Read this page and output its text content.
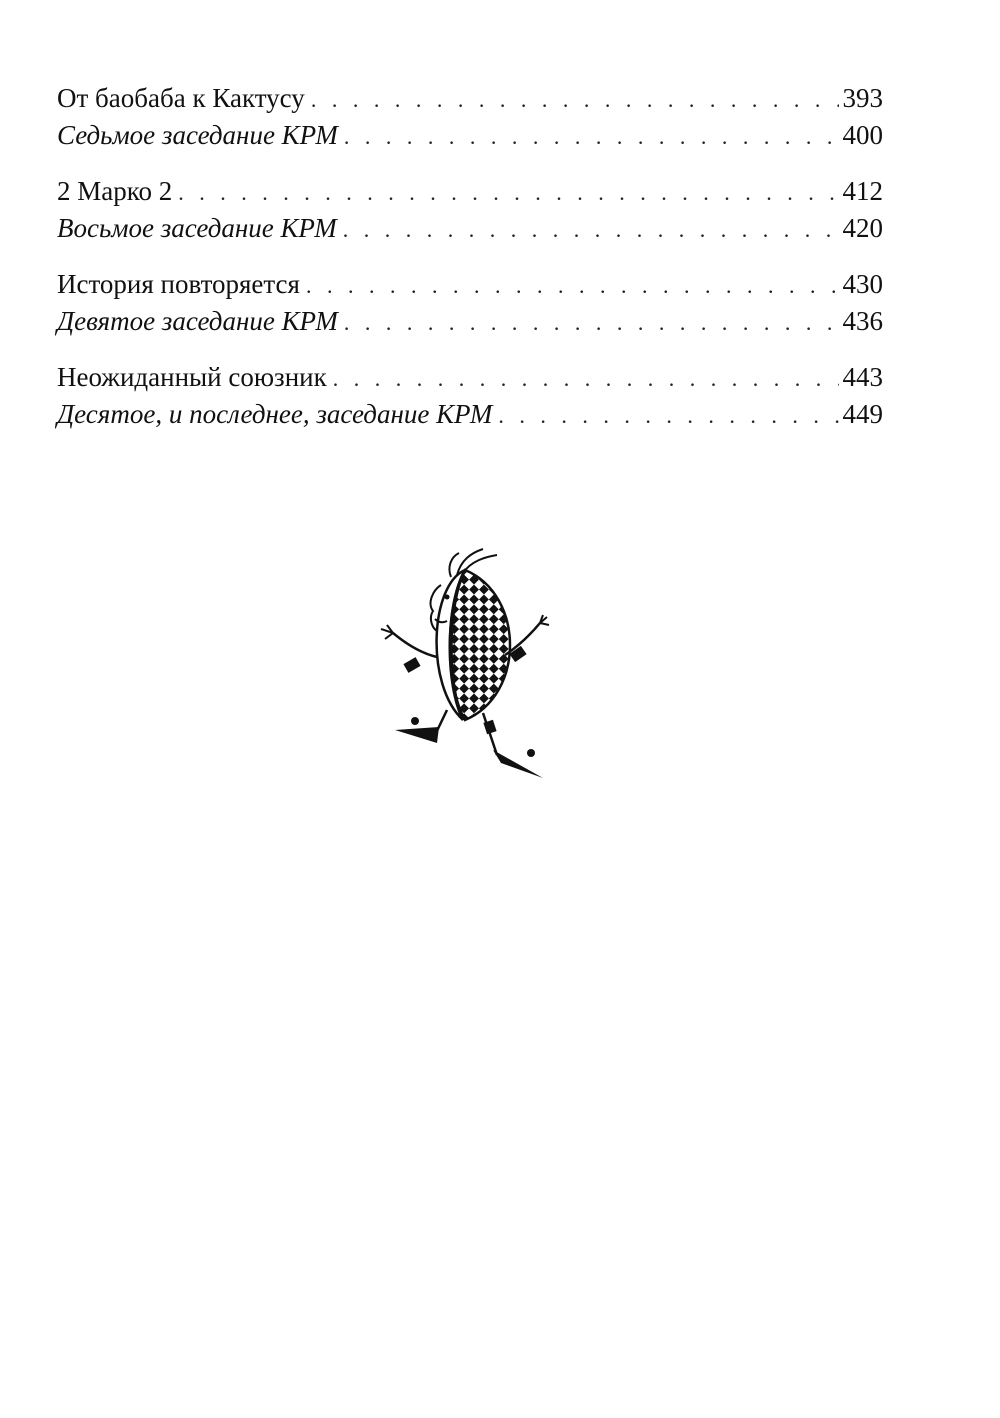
От баобаба к Кактусу . . .	393
Седьмое заседание КРМ . . .	400
2 Марко 2 . . .	412
Восьмое заседание КРМ . . .	420
История повторяется . . .	430
Девятое заседание КРМ . . .	436
Неожиданный союзник . . .	443
Десятое, и последнее, заседание КРМ . . .	449
